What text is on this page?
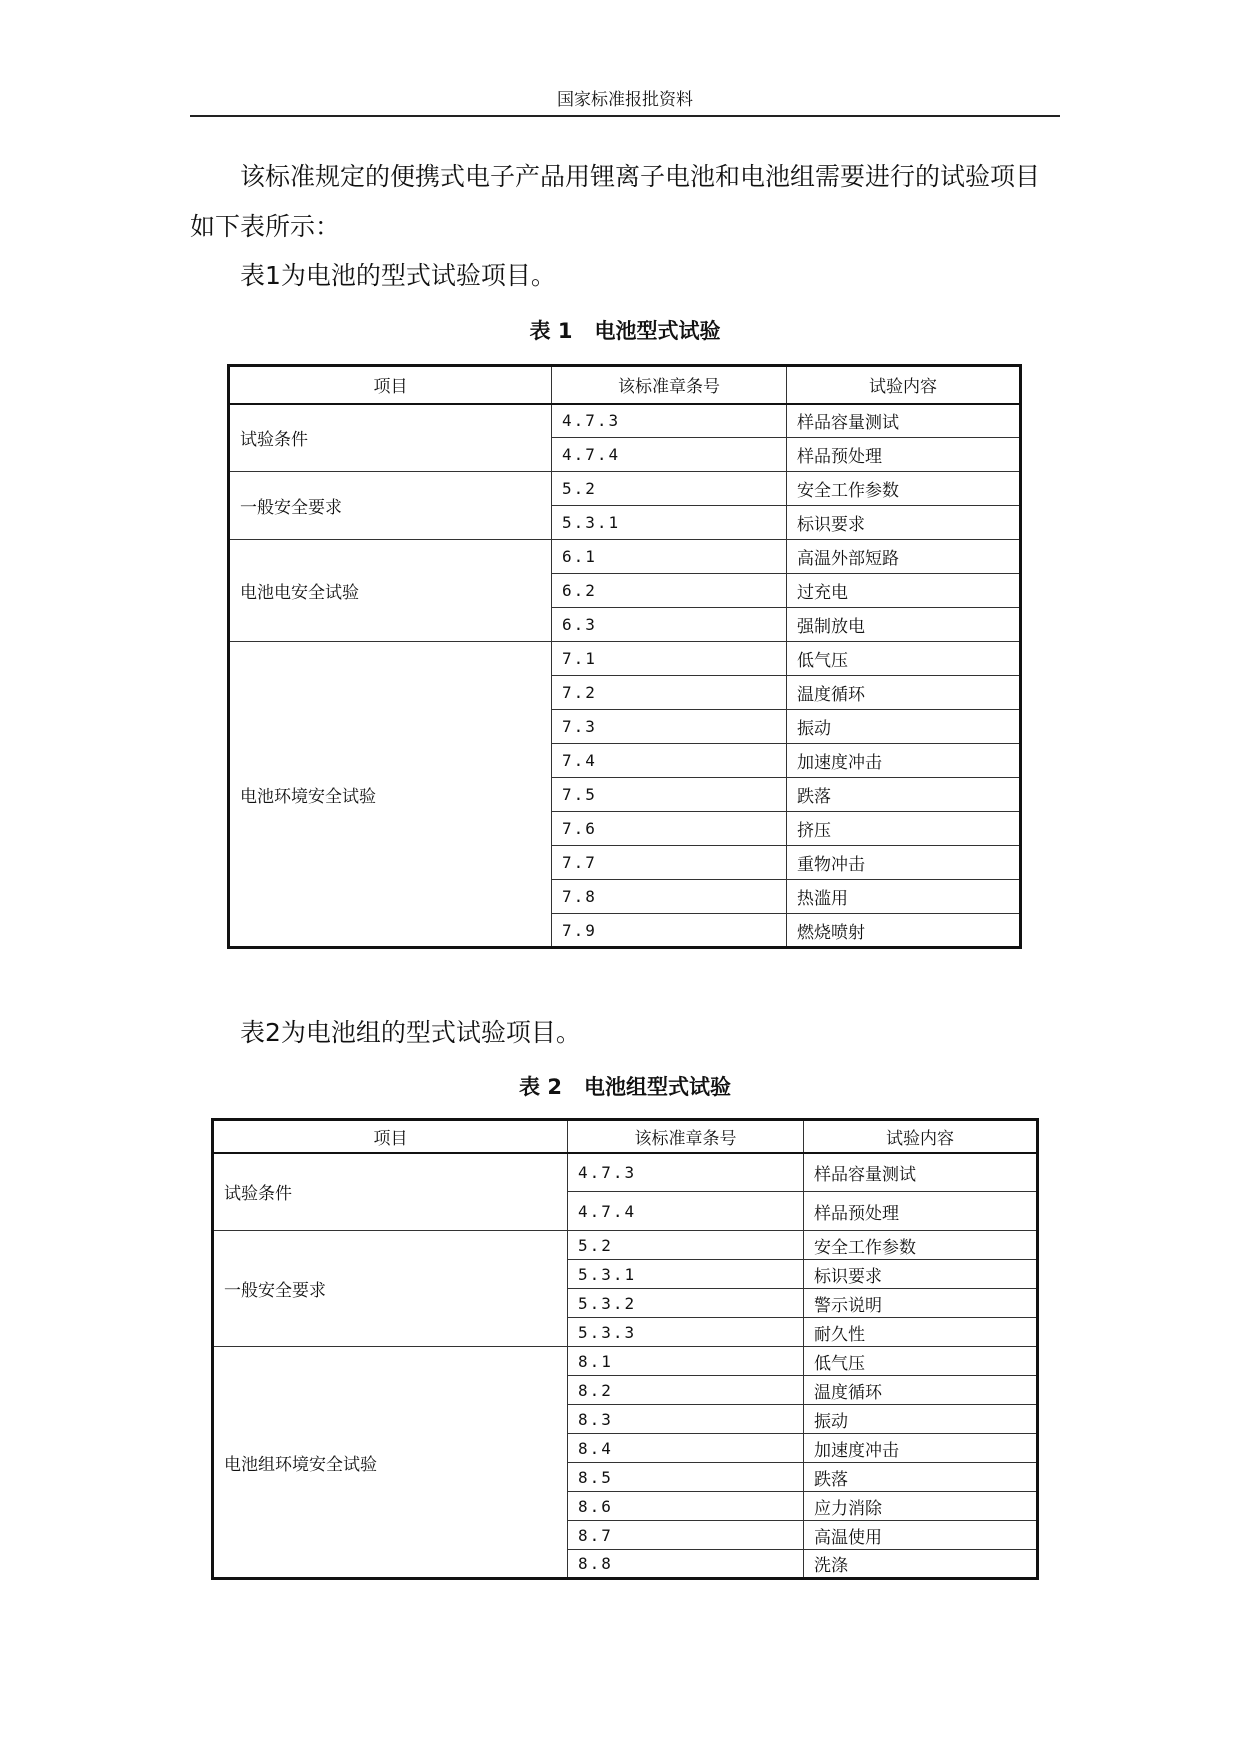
国家标准报批资料

该标准规定的便携式电子产品用锂离子电池和电池组需要进行的试验项目如下表所示：

表1为电池的型式试验项目。

表 1 电池型式试验
项目	该标准章条号	试验内容
试验条件	4.7.3	样品容量测试
	4.7.4	样品预处理
一般安全要求	5.2	安全工作参数
	5.3.1	标识要求
电池电安全试验	6.1	高温外部短路
	6.2	过充电
	6.3	强制放电
电池环境安全试验	7.1	低气压
	7.2	温度循环
	7.3	振动
	7.4	加速度冲击
	7.5	跌落
	7.6	挤压
	7.7	重物冲击
	7.8	热滥用
	7.9	燃烧喷射

表2为电池组的型式试验项目。

表 2 电池组型式试验
项目	该标准章条号	试验内容
试验条件	4.7.3	样品容量测试
	4.7.4	样品预处理
一般安全要求	5.2	安全工作参数
	5.3.1	标识要求
	5.3.2	警示说明
	5.3.3	耐久性
电池组环境安全试验	8.1	低气压
	8.2	温度循环
	8.3	振动
	8.4	加速度冲击
	8.5	跌落
	8.6	应力消除
	8.7	高温使用
	8.8	洗涤
